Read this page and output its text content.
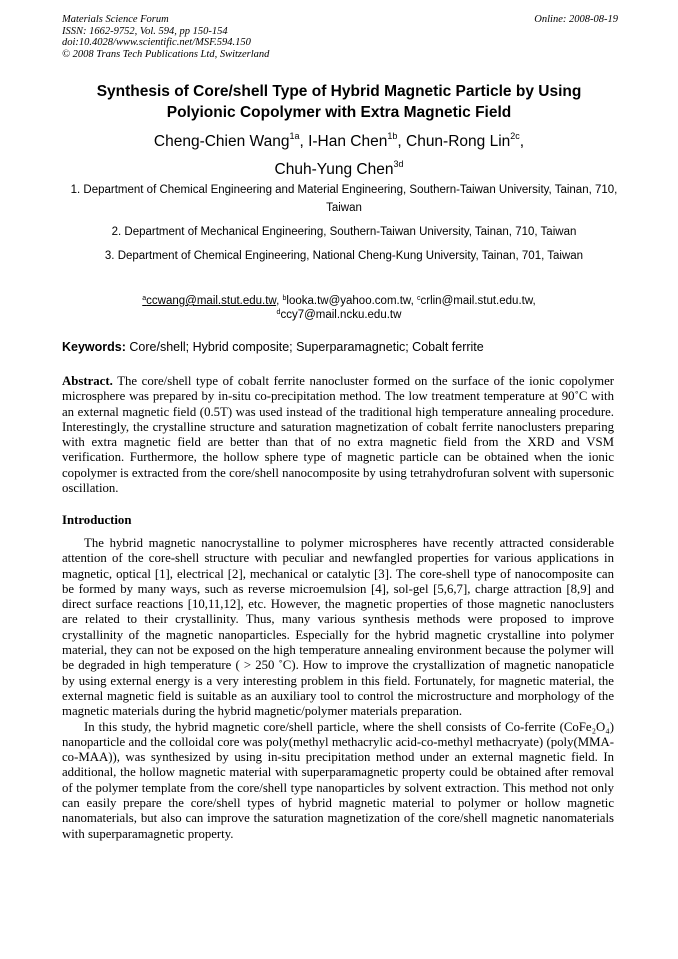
Materials Science Forum
ISSN: 1662-9752, Vol. 594, pp 150-154
doi:10.4028/www.scientific.net/MSF.594.150
© 2008 Trans Tech Publications Ltd, Switzerland
Online: 2008-08-19
Synthesis of Core/shell Type of Hybrid Magnetic Particle by Using
Polyionic Copolymer with Extra Magnetic Field
Cheng-Chien Wang$^{1a}$, I-Han Chen$^{1b}$, Chun-Rong Lin$^{2c}$,
Chuh-Yung Chen$^{3d}$

1. Department of Chemical Engineering and Material Engineering, Southern-Taiwan University, Tainan, 710, Taiwan

2. Department of Mechanical Engineering, Southern-Taiwan University, Tainan, 710, Taiwan

3. Department of Chemical Engineering, National Cheng-Kung University, Tainan, 701, Taiwan

$^a$ccwang@mail.stut.edu.tw, $^b$looka.tw@yahoo.com.tw, $^c$crlin@mail.stut.edu.tw,
$^d$ccy7@mail.ncku.edu.tw
Keywords: Core/shell; Hybrid composite; Superparamagnetic; Cobalt ferrite

Abstract. The core/shell type of cobalt ferrite nanocluster formed on the surface of the ionic copolymer microsphere was prepared by in-situ co-precipitation method. The low treatment temperature at 90˚C with an external magnetic field (0.5T) was used instead of the traditional high temperature annealing procedure. Interestingly, the crystalline structure and saturation magnetization of cobalt ferrite nanoclusters preparing with extra magnetic field are better than that of no extra magnetic field from the XRD and VSM verification. Furthermore, the hollow sphere type of magnetic particle can be obtained when the ionic copolymer is extracted from the core/shell nanocomposite by using tetrahydrofuran solvent with supersonic oscillation.

Introduction

The hybrid magnetic nanocrystalline to polymer microspheres have recently attracted considerable attention of the core-shell structure with peculiar and newfangled properties for various applications in magnetic, optical [1], electrical [2], mechanical or catalytic [3]. The core-shell type of nanocomposite can be formed by many ways, such as reverse microemulsion [4], sol-gel [5,6,7], charge attraction [8,9] and direct surface reactions [10,11,12], etc. However, the magnetic properties of those magnetic nanoclusters are related to their crystallinity. Thus, many various synthesis methods were proposed to improve crystallinity of the magnetic nanoparticles. Especially for the hybrid magnetic crystalline into polymer material, they can not be exposed on the high temperature annealing environment because the polymer will be degraded in high temperature ( > 250 ˚C). How to improve the crystallization of magnetic nanopaticle by using external energy is a very interesting problem in this field. Fortunately, for magnetic material, the external magnetic field is suitable as an auxiliary tool to control the microstructure and morphology of the magnetic materials during the hybrid magnetic/polymer materials preparation.

In this study, the hybrid magnetic core/shell particle, where the shell consists of Co-ferrite (CoFe₂O₄) nanoparticle and the colloidal core was poly(methyl methacrylic acid-co-methyl methacryate) (poly(MMA-co-MAA)), was synthesized by using in-situ precipitation method under an external magnetic field. In additional, the hollow magnetic material with superparamagnetic property could be obtained after removal of the polymer template from the core/shell type nanoparticles by solvent extraction. This method not only can easily prepare the core/shell types of hybrid magnetic material to polymer or hollow magnetic nanomaterials, but also can improve the saturation magnetization of the core/shell magnetic nanomaterials with superparamagnetic property.
